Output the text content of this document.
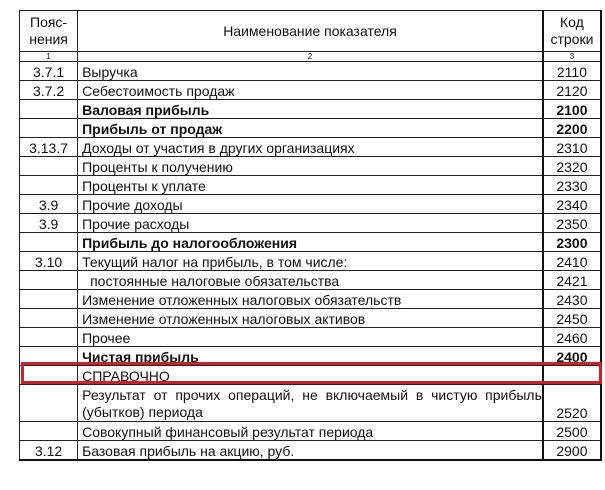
Пояс-нения	Наименование показателя	Код строки
1	2	3
3.7.1	Выручка	2110
3.7.2	Себестоимость продаж	2120
	Валовая прибыль	2100
	Прибыль от продаж	2200
3.13.7	Доходы от участия в других организациях	2310
	Проценты к получению	2320
	Проценты к уплате	2330
3.9	Прочие доходы	2340
3.9	Прочие расходы	2350
	Прибыль до налогообложения	2300
3.10	Текущий налог на прибыль, в том числе:	2410
	постоянные налоговые обязательства	2421
	Изменение отложенных налоговых обязательств	2430
	Изменение отложенных налоговых активов	2450
	Прочее	2460
	Чистая прибыль	2400
	СПРАВОЧНО	
	Результат от прочих операций, не включаемый в чистую прибыль (убытков) периода	2520
	Совокупный финансовый результат периода	2500
3.12	Базовая прибыль на акцию, руб.	2900
